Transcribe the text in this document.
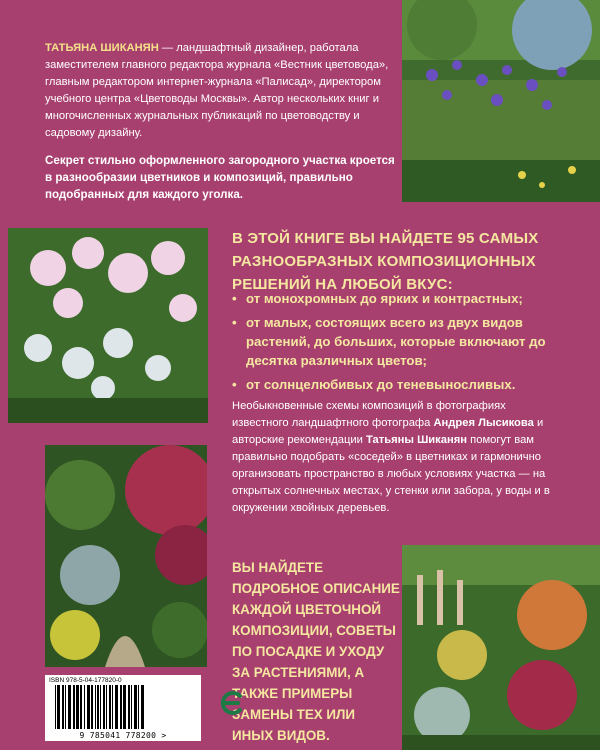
ТАТЬЯНА ШИКАНЯН — ландшафтный дизайнер, работала заместителем главного редактора журнала «Вестник цветовода», главным редактором интернет-журнала «Палисад», директором учебного центра «Цветоводы Москвы». Автор нескольких книг и многочисленных журнальных публикаций по цветоводству и садовому дизайну.
Секрет стильно оформленного загородного участка кроется в разнообразии цветников и композиций, правильно подобранных для каждого уголка.
В ЭТОЙ КНИГЕ ВЫ НАЙДЕТЕ 95 САМЫХ РАЗНООБРАЗНЫХ КОМПОЗИЦИОННЫХ РЕШЕНИЙ НА ЛЮБОЙ ВКУС:
• от монохромных до ярких и контрастных;
• от малых, состоящих всего из двух видов растений, до больших, которые включают до десятка различных цветов;
• от солнцелюбивых до теневыносливых.
Необыкновенные схемы композиций в фотографиях известного ландшафтного фотографа Андрея Лысикова и авторские рекомендации Татьяны Шиканян помогут вам правильно подобрать «соседей» в цветниках и гармонично организовать пространство в любых условиях участка — на открытых солнечных местах, у стенки или забора, у воды и в окружении хвойных деревьев.
ВЫ НАЙДЕТЕ ПОДРОБНОЕ ОПИСАНИЕ КАЖДОЙ ЦВЕТОЧНОЙ КОМПОЗИЦИИ, СОВЕТЫ ПО ПОСАДКЕ И УХОДУ ЗА РАСТЕНИЯМИ, А ТАКЖЕ ПРИМЕРЫ ЗАМЕНЫ ТЕХ ИЛИ ИНЫХ ВИДОВ.
ISBN 978-5-04-177820-0
9 785041 778200 >
